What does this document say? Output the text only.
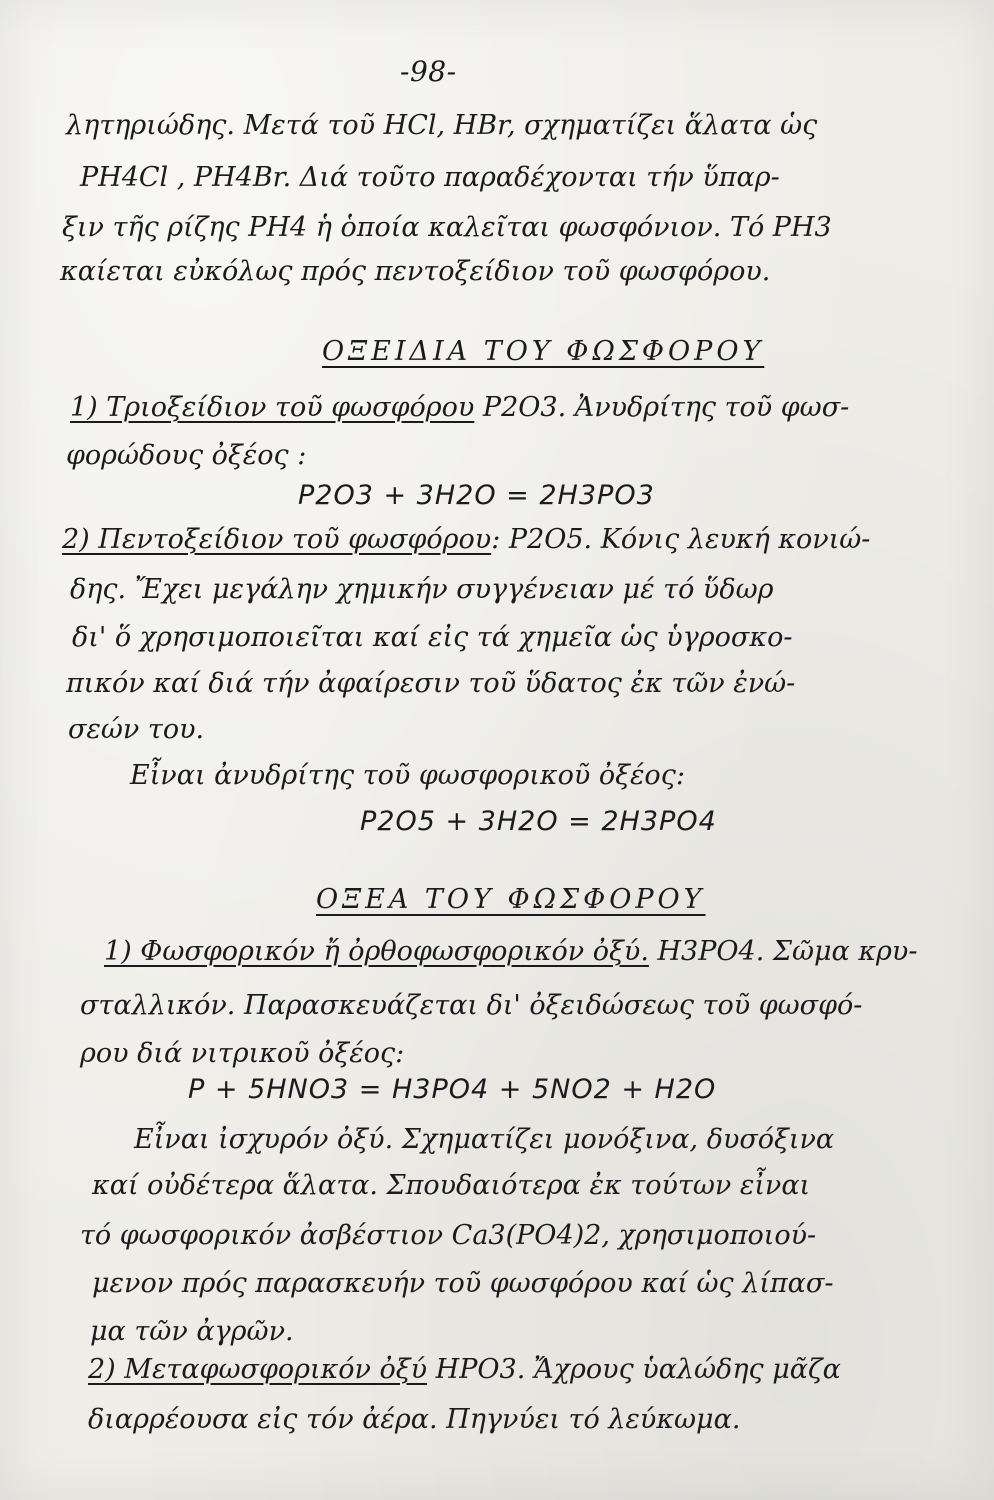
-98-
λητηριώδης. Μετά τοῦ HCl, HBr, σχηματίζει ἅλατα ὡς
PH4Cl , PH4Br. Διά τοῦτο παραδέχονται τήν ὕπαρ-
ξιν τῆς ρίζης PH4 ἡ ὁποία καλεῖται φωσφόνιον. Τό PH3
καίεται εὐκόλως πρός πεντοξείδιον τοῦ φωσφόρου.
ΟΞΕΙΔΙΑ ΤΟΥ ΦΩΣΦΟΡΟΥ
1) Τριοξείδιον τοῦ φωσφόρου P2O3. Ἀνυδρίτης τοῦ φωσ-
φορώδους ὀξέος :
P2O3 + 3H2O = 2H3PO3
2) Πεντοξείδιον τοῦ φωσφόρου: P2O5. Κόνις λευκή κονιώ-
δης. Ἔχει μεγάλην χημικήν συγγένειαν μέ τό ὕδωρ
δι' ὅ χρησιμοποιεῖται καί εἰς τά χημεῖα ὡς ὑγροσκο-
πικόν καί διά τήν ἀφαίρεσιν τοῦ ὕδατος ἐκ τῶν ἐνώ-
σεών του.
Εἶναι ἀνυδρίτης τοῦ φωσφορικοῦ ὀξέος:
P2O5 + 3H2O = 2H3PO4
ΟΞΕΑ ΤΟΥ ΦΩΣΦΟΡΟΥ
1) Φωσφορικόν ἤ ὀρθοφωσφορικόν ὀξύ. H3PO4. Σῶμα κρυ-
σταλλικόν. Παρασκευάζεται δι' ὀξειδώσεως τοῦ φωσφό-
ρου διά νιτρικοῦ ὀξέος:
P + 5HNO3 = H3PO4 + 5NO2 + H2O
Εἶναι ἰσχυρόν ὀξύ. Σχηματίζει μονόξινα, δυσόξινα
καί οὐδέτερα ἅλατα. Σπουδαιότερα ἐκ τούτων εἶναι
τό φωσφορικόν ἀσβέστιον Ca3(PO4)2, χρησιμοποιού-
μενον πρός παρασκευήν τοῦ φωσφόρου καί ὡς λίπασ-
μα τῶν ἀγρῶν.
2) Μεταφωσφορικόν ὀξύ HPO3. Ἄχρους ὑαλώδης μᾶζα
διαρρέουσα εἰς τόν ἀέρα. Πηγνύει τό λεύκωμα.
